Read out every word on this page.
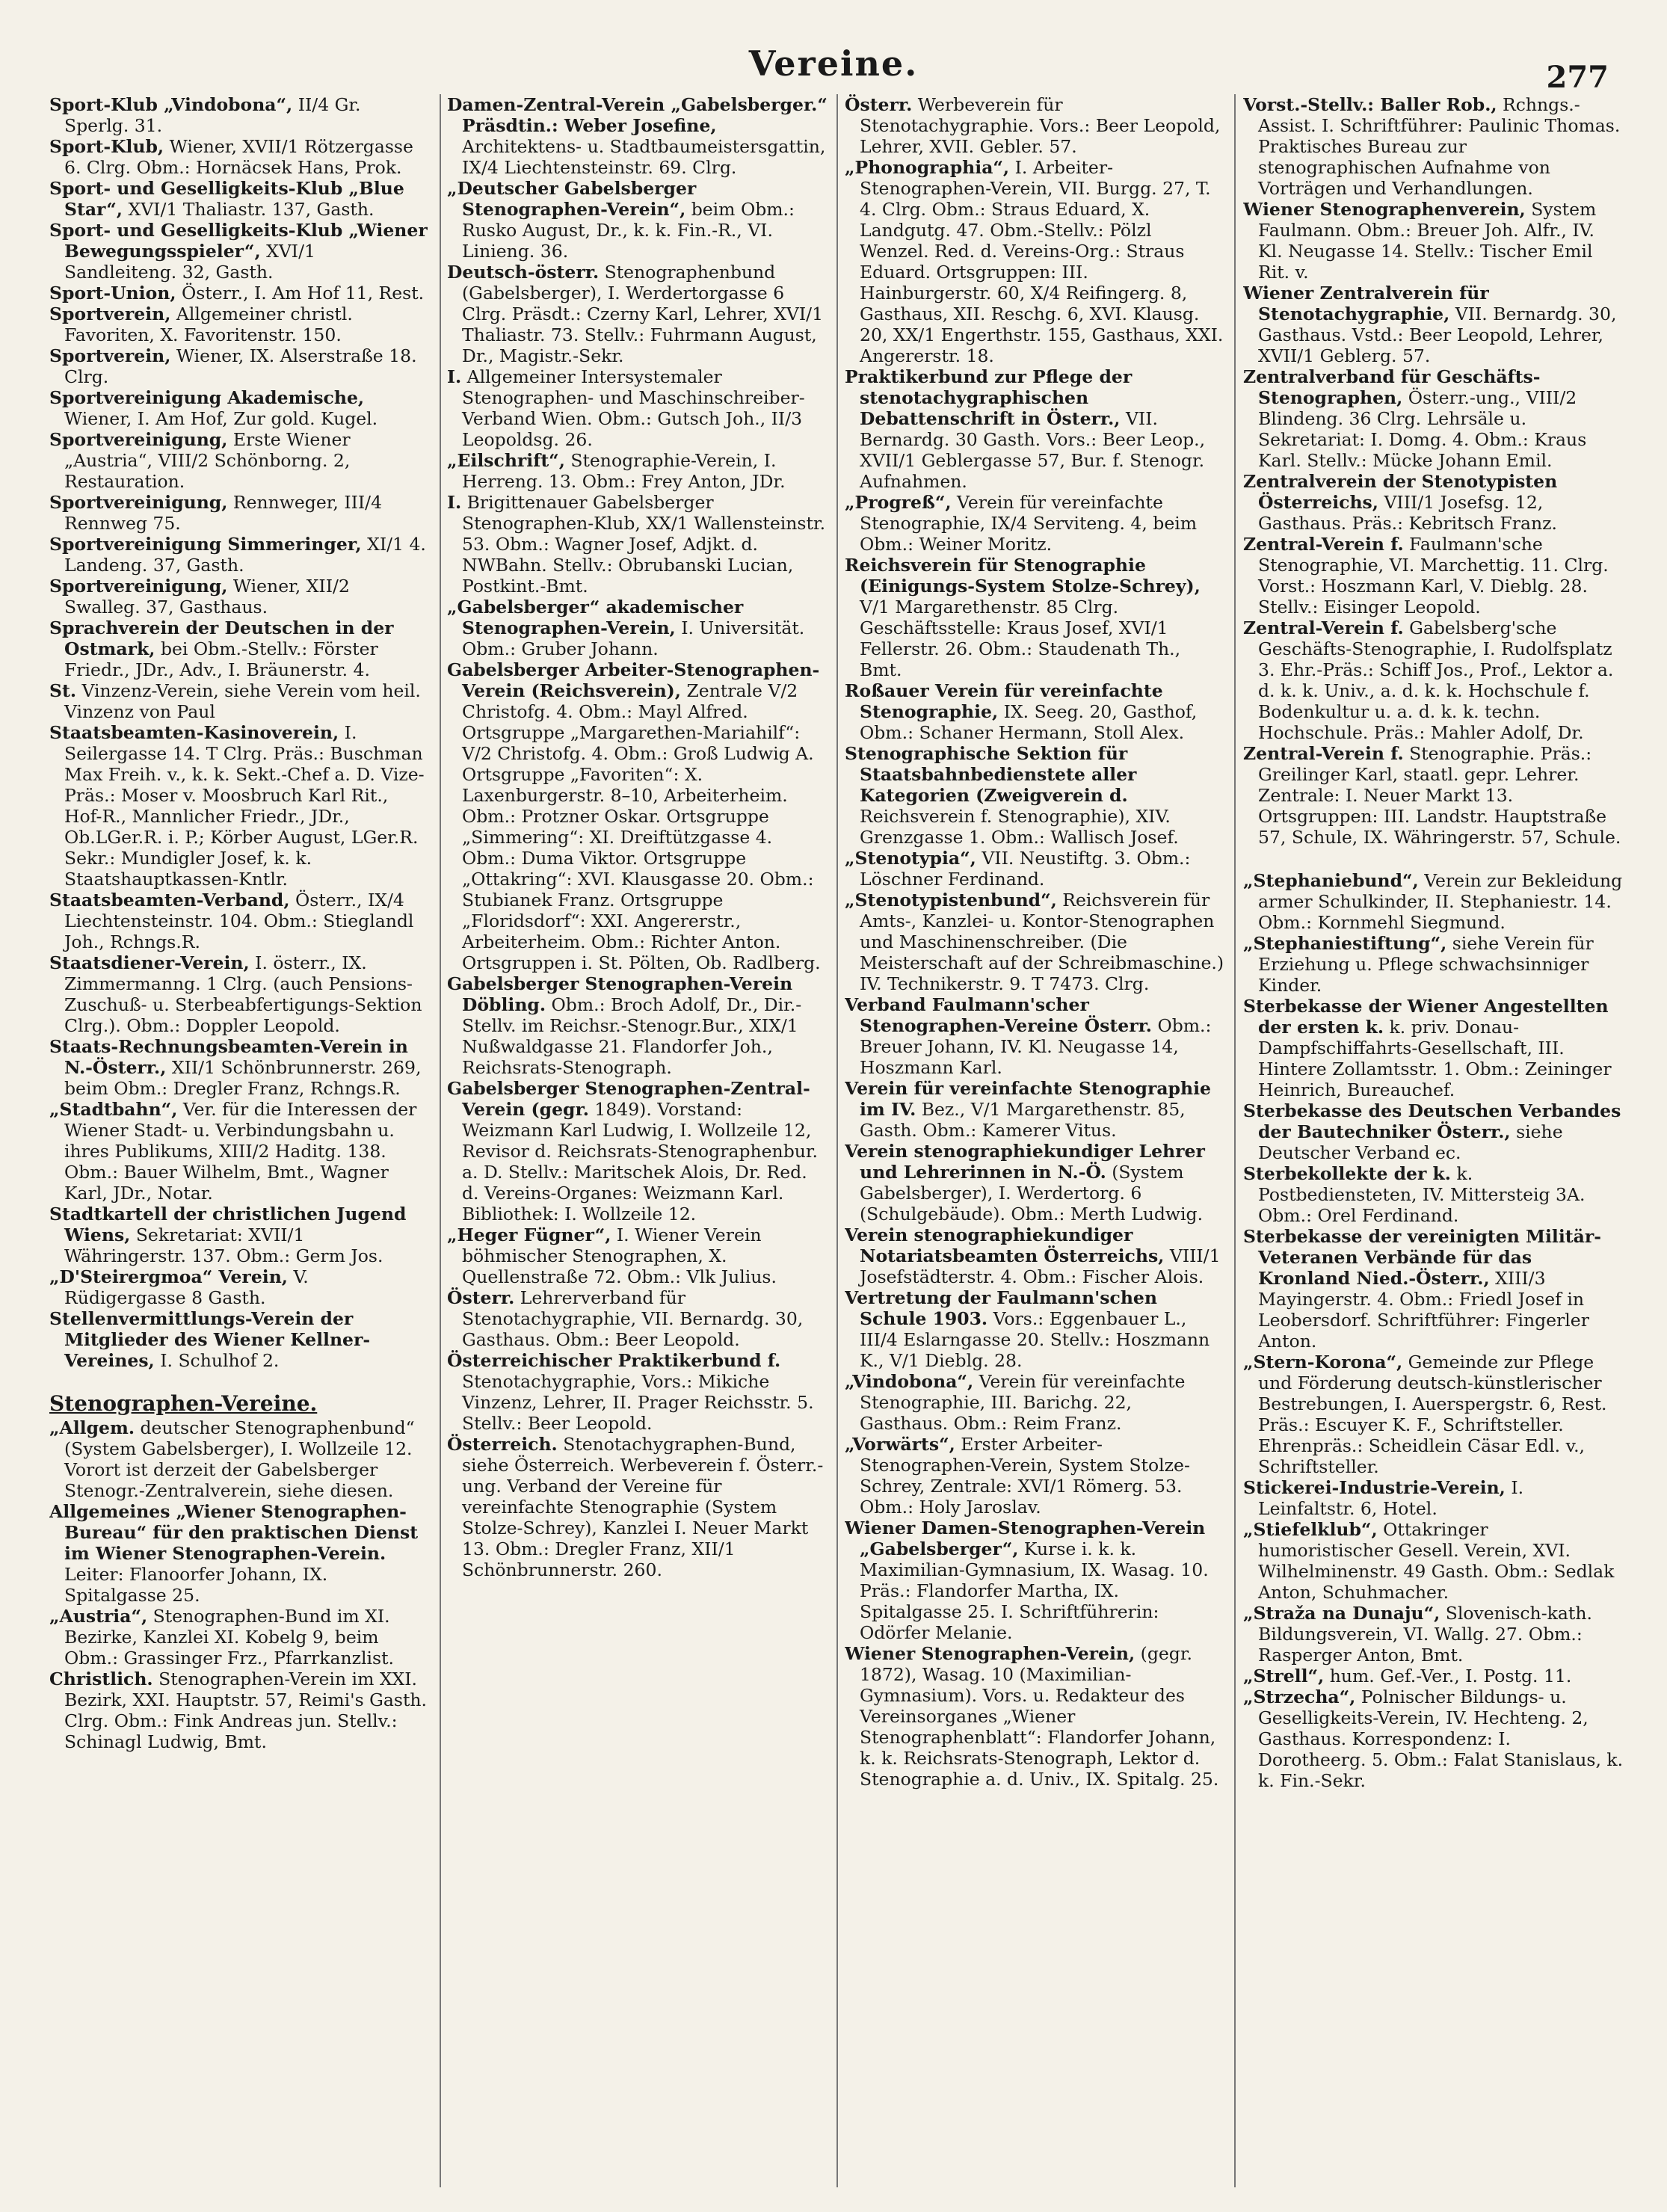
Vereine.	277

Sport-Klub „Vindobona“, II/4 Gr. Sperlg. 31.

Sport-Klub, Wiener, XVII/1 Rötzergasse 6. Clrg. Obm.: Hornäcsek Hans, Prok.

Sport- und Geselligkeits-Klub „Blue Star“, XVI/1 Thaliastr. 137, Gasth.

Sport- und Geselligkeits-Klub „Wiener Bewegungsspieler“, XVI/1 Sandleiteng. 32, Gasth.

Sport-Union, Österr., I. Am Hof 11, Rest.

Sportverein, Allgemeiner christl. Favoriten, X. Favoritenstr. 150.

Sportverein, Wiener, IX. Alserstraße 18. Clrg.

Sportvereinigung Akademische, Wiener, I. Am Hof, Zur gold. Kugel.

Sportvereinigung, Erste Wiener „Austria“, VIII/2 Schönborng. 2, Restauration.

Sportvereinigung, Rennweger, III/4 Rennweg 75.

Sportvereinigung Simmeringer, XI/1 4. Landeng. 37, Gasth.

Sportvereinigung, Wiener, XII/2 Swalleg. 37, Gasthaus.

Sprachverein der Deutschen in der Ostmark, bei Obm.-Stellv.: Förster Friedr., JDr., Adv., I. Bräunerstr. 4.

St. Vinzenz-Verein, siehe Verein vom heil. Vinzenz von Paul

Staatsbeamten-Kasinoverein, I. Seilergasse 14. T Clrg. Präs.: Buschman Max Freih. v., k. k. Sekt.-Chef a. D. Vize-Präs.: Moser v. Moosbruch Karl Rit., Hof-R., Mannlicher Friedr., JDr., Ob.LGer.R. i. P.; Körber August, LGer.R. Sekr.: Mundigler Josef, k. k. Staatshauptkassen-Kntlr.

Staatsbeamten-Verband, Österr., IX/4 Liechtensteinstr. 104. Obm.: Stieglandl Joh., Rchngs.R.

Staatsdiener-Verein, I. österr., IX. Zimmermanng. 1 Clrg. (auch Pensions-Zuschuß- u. Sterbeabfertigungs-Sektion Clrg.). Obm.: Doppler Leopold.

Staats-Rechnungsbeamten-Verein in N.-Österr., XII/1 Schönbrunnerstr. 269, beim Obm.: Dregler Franz, Rchngs.R.

„Stadtbahn“, Ver. für die Interessen der Wiener Stadt- u. Verbindungsbahn u. ihres Publikums, XIII/2 Haditg. 138. Obm.: Bauer Wilhelm, Bmt., Wagner Karl, JDr., Notar.

Stadtkartell der christlichen Jugend Wiens, Sekretariat: XVII/1 Währingerstr. 137. Obm.: Germ Jos.

„D'Steirergmoa“ Verein, V. Rüdigergasse 8 Gasth.

Stellenvermittlungs-Verein der Mitglieder des Wiener Kellner-Vereines, I. Schulhof 2.

Stenographen-Vereine.

„Allgem. deutscher Stenographenbund“ (System Gabelsberger), I. Wollzeile 12. Vorort ist derzeit der Gabelsberger Stenogr.-Zentralverein, siehe diesen.

Allgemeines „Wiener Stenographen-Bureau“ für den praktischen Dienst im Wiener Stenographen-Verein. Leiter: Flanoorfer Johann, IX. Spitalgasse 25.

„Austria“, Stenographen-Bund im XI. Bezirke, Kanzlei XI. Kobelg 9, beim Obm.: Grassinger Frz., Pfarrkanzlist.

Christlich. Stenographen-Verein im XXI. Bezirk, XXI. Hauptstr. 57, Reimi's Gasth. Clrg. Obm.: Fink Andreas jun. Stellv.: Schinagl Ludwig, Bmt.

Damen-Zentral-Verein „Gabelsberger.“ Präsdtin.: Weber Josefine, Architektens- u. Stadtbaumeistersgattin, IX/4 Liechtensteinstr. 69. Clrg.

„Deutscher Gabelsberger Stenographen-Verein“, beim Obm.: Rusko August, Dr., k. k. Fin.-R., VI. Linieng. 36.

Deutsch-österr. Stenographenbund (Gabelsberger), I. Werdertorgasse 6 Clrg. Präsdt.: Czerny Karl, Lehrer, XVI/1 Thaliastr. 73. Stellv.: Fuhrmann August, Dr., Magistr.-Sekr.

I. Allgemeiner Intersystemaler Stenographen- und Maschinschreiber-Verband Wien. Obm.: Gutsch Joh., II/3 Leopoldsg. 26.

„Eilschrift“, Stenographie-Verein, I. Herreng. 13. Obm.: Frey Anton, JDr.

I. Brigittenauer Gabelsberger Stenographen-Klub, XX/1 Wallensteinstr. 53. Obm.: Wagner Josef, Adjkt. d. NWBahn. Stellv.: Obrubanski Lucian, Postkint.-Bmt.

„Gabelsberger“ akademischer Stenographen-Verein, I. Universität. Obm.: Gruber Johann.

Gabelsberger Arbeiter-Stenographen-Verein (Reichsverein), Zentrale V/2 Christofg. 4. Obm.: Mayl Alfred. Ortsgruppe „Margarethen-Mariahilf“: V/2 Christofg. 4. Obm.: Groß Ludwig A. Ortsgruppe „Favoriten“: X. Laxenburgerstr. 8–10, Arbeiterheim. Obm.: Protzner Oskar. Ortsgruppe „Simmering“: XI. Dreiftützgasse 4. Obm.: Duma Viktor. Ortsgruppe „Ottakring“: XVI. Klausgasse 20. Obm.: Stubianek Franz. Ortsgruppe „Floridsdorf“: XXI. Angererstr., Arbeiterheim. Obm.: Richter Anton. Ortsgruppen i. St. Pölten, Ob. Radlberg.

Gabelsberger Stenographen-Verein Döbling. Obm.: Broch Adolf, Dr., Dir.-Stellv. im Reichsr.-Stenogr.Bur., XIX/1 Nußwaldgasse 21. Flandorfer Joh., Reichsrats-Stenograph.

Gabelsberger Stenographen-Zentral-Verein (gegr. 1849). Vorstand: Weizmann Karl Ludwig, I. Wollzeile 12, Revisor d. Reichsrats-Stenographenbur. a. D. Stellv.: Maritschek Alois, Dr. Red. d. Vereins-Organes: Weizmann Karl. Bibliothek: I. Wollzeile 12.

„Heger Fügner“, I. Wiener Verein böhmischer Stenographen, X. Quellenstraße 72. Obm.: Vlk Julius.

Österr. Lehrerverband für Stenotachygraphie, VII. Bernardg. 30, Gasthaus. Obm.: Beer Leopold.

Österreichischer Praktikerbund f. Stenotachygraphie, Vors.: Mikiche Vinzenz, Lehrer, II. Prager Reichsstr. 5. Stellv.: Beer Leopold.

Österreich. Stenotachygraphen-Bund, siehe Österreich. Werbeverein f. Österr.-ung. Verband der Vereine für vereinfachte Stenographie (System Stolze-Schrey), Kanzlei I. Neuer Markt 13. Obm.: Dregler Franz, XII/1 Schönbrunnerstr. 260.

Österr. Werbeverein für Stenotachygraphie. Vors.: Beer Leopold, Lehrer, XVII. Gebler. 57.

„Phonographia“, I. Arbeiter-Stenographen-Verein, VII. Burgg. 27, T. 4. Clrg. Obm.: Straus Eduard, X. Landgutg. 47. Obm.-Stellv.: Pölzl Wenzel. Red. d. Vereins-Org.: Straus Eduard. Ortsgruppen: III. Hainburgerstr. 60, X/4 Reifingerg. 8, Gasthaus, XII. Reschg. 6, XVI. Klausg. 20, XX/1 Engerthstr. 155, Gasthaus, XXI. Angererstr. 18.

Praktikerbund zur Pflege der stenotachygraphischen Debattenschrift in Österr., VII. Bernardg. 30 Gasth. Vors.: Beer Leop., XVII/1 Geblergasse 57, Bur. f. Stenogr. Aufnahmen.

„Progreß“, Verein für vereinfachte Stenographie, IX/4 Serviteng. 4, beim Obm.: Weiner Moritz.

Reichsverein für Stenographie (Einigungs-System Stolze-Schrey), V/1 Margarethenstr. 85 Clrg. Geschäftsstelle: Kraus Josef, XVI/1 Fellerstr. 26. Obm.: Staudenath Th., Bmt.

Roßauer Verein für vereinfachte Stenographie, IX. Seeg. 20, Gasthof, Obm.: Schaner Hermann, Stoll Alex.

Stenographische Sektion für Staatsbahnbedienstete aller Kategorien (Zweigverein d. Reichsverein f. Stenographie), XIV. Grenzgasse 1. Obm.: Wallisch Josef.

„Stenotypia“, VII. Neustiftg. 3. Obm.: Löschner Ferdinand.

„Stenotypistenbund“, Reichsverein für Amts-, Kanzlei- u. Kontor-Stenographen und Maschinenschreiber. (Die Meisterschaft auf der Schreibmaschine.) IV. Technikerstr. 9. T 7473. Clrg.

Verband Faulmann'scher Stenographen-Vereine Österr. Obm.: Breuer Johann, IV. Kl. Neugasse 14, Hoszmann Karl.

Verein für vereinfachte Stenographie im IV. Bez., V/1 Margarethenstr. 85, Gasth. Obm.: Kamerer Vitus.

Verein stenographiekundiger Lehrer und Lehrerinnen in N.-Ö. (System Gabelsberger), I. Werdertorg. 6 (Schulgebäude). Obm.: Merth Ludwig.

Verein stenographiekundiger Notariatsbeamten Österreichs, VIII/1 Josefstädterstr. 4. Obm.: Fischer Alois.

Vertretung der Faulmann'schen Schule 1903. Vors.: Eggenbauer L., III/4 Eslarngasse 20. Stellv.: Hoszmann K., V/1 Dieblg. 28.

„Vindobona“, Verein für vereinfachte Stenographie, III. Barichg. 22, Gasthaus. Obm.: Reim Franz.

„Vorwärts“, Erster Arbeiter-Stenographen-Verein, System Stolze-Schrey, Zentrale: XVI/1 Römerg. 53. Obm.: Holy Jaroslav.

Wiener Damen-Stenographen-Verein „Gabelsberger“, Kurse i. k. k. Maximilian-Gymnasium, IX. Wasag. 10. Präs.: Flandorfer Martha, IX. Spitalgasse 25. I. Schriftführerin: Odörfer Melanie.

Wiener Stenographen-Verein, (gegr. 1872), Wasag. 10 (Maximilian-Gymnasium). Vors. u. Redakteur des Vereinsorganes „Wiener Stenographenblatt“: Flandorfer Johann, k. k. Reichsrats-Stenograph, Lektor d. Stenographie a. d. Univ., IX. Spitalg. 25.

Vorst.-Stellv.: Baller Rob., Rchngs.-Assist. I. Schriftführer: Paulinic Thomas. Praktisches Bureau zur stenographischen Aufnahme von Vorträgen und Verhandlungen.

Wiener Stenographenverein, System Faulmann. Obm.: Breuer Joh. Alfr., IV. Kl. Neugasse 14. Stellv.: Tischer Emil Rit. v.

Wiener Zentralverein für Stenotachygraphie, VII. Bernardg. 30, Gasthaus. Vstd.: Beer Leopold, Lehrer, XVII/1 Geblerg. 57.

Zentralverband für Geschäfts-Stenographen, Österr.-ung., VIII/2 Blindeng. 36 Clrg. Lehrsäle u. Sekretariat: I. Domg. 4. Obm.: Kraus Karl. Stellv.: Mücke Johann Emil.

Zentralverein der Stenotypisten Österreichs, VIII/1 Josefsg. 12, Gasthaus. Präs.: Kebritsch Franz.

Zentral-Verein f. Faulmann'sche Stenographie, VI. Marchettig. 11. Clrg. Vorst.: Hoszmann Karl, V. Dieblg. 28. Stellv.: Eisinger Leopold.

Zentral-Verein f. Gabelsberg'sche Geschäfts-Stenographie, I. Rudolfsplatz 3. Ehr.-Präs.: Schiff Jos., Prof., Lektor a. d. k. k. Univ., a. d. k. k. Hochschule f. Bodenkultur u. a. d. k. k. techn. Hochschule. Präs.: Mahler Adolf, Dr.

Zentral-Verein f. Stenographie. Präs.: Greilinger Karl, staatl. gepr. Lehrer. Zentrale: I. Neuer Markt 13. Ortsgruppen: III. Landstr. Hauptstraße 57, Schule, IX. Währingerstr. 57, Schule.

„Stephaniebund“, Verein zur Bekleidung armer Schulkinder, II. Stephaniestr. 14. Obm.: Kornmehl Siegmund.

„Stephaniestiftung“, siehe Verein für Erziehung u. Pflege schwachsinniger Kinder.

Sterbekasse der Wiener Angestellten der ersten k. k. priv. Donau-Dampfschiffahrts-Gesellschaft, III. Hintere Zollamtsstr. 1. Obm.: Zeininger Heinrich, Bureauchef.

Sterbekasse des Deutschen Verbandes der Bautechniker Österr., siehe Deutscher Verband ec.

Sterbekollekte der k. k. Postbediensteten, IV. Mittersteig 3A. Obm.: Orel Ferdinand.

Sterbekasse der vereinigten Militär-Veteranen Verbände für das Kronland Nied.-Österr., XIII/3 Mayingerstr. 4. Obm.: Friedl Josef in Leobersdorf. Schriftführer: Fingerler Anton.

„Stern-Korona“, Gemeinde zur Pflege und Förderung deutsch-künstlerischer Bestrebungen, I. Auerspergstr. 6, Rest. Präs.: Escuyer K. F., Schriftsteller. Ehrenpräs.: Scheidlein Cäsar Edl. v., Schriftsteller.

Stickerei-Industrie-Verein, I. Leinfaltstr. 6, Hotel.

„Stiefelklub“, Ottakringer humoristischer Gesell. Verein, XVI. Wilhelminenstr. 49 Gasth. Obm.: Sedlak Anton, Schuhmacher.

„Straža na Dunaju“, Slovenisch-kath. Bildungsverein, VI. Wallg. 27. Obm.: Rasperger Anton, Bmt.

„Strell“, hum. Gef.-Ver., I. Postg. 11.

„Strzecha“, Polnischer Bildungs- u. Geselligkeits-Verein, IV. Hechteng. 2, Gasthaus. Korrespondenz: I. Dorotheerg. 5. Obm.: Falat Stanislaus, k. k. Fin.-Sekr.
